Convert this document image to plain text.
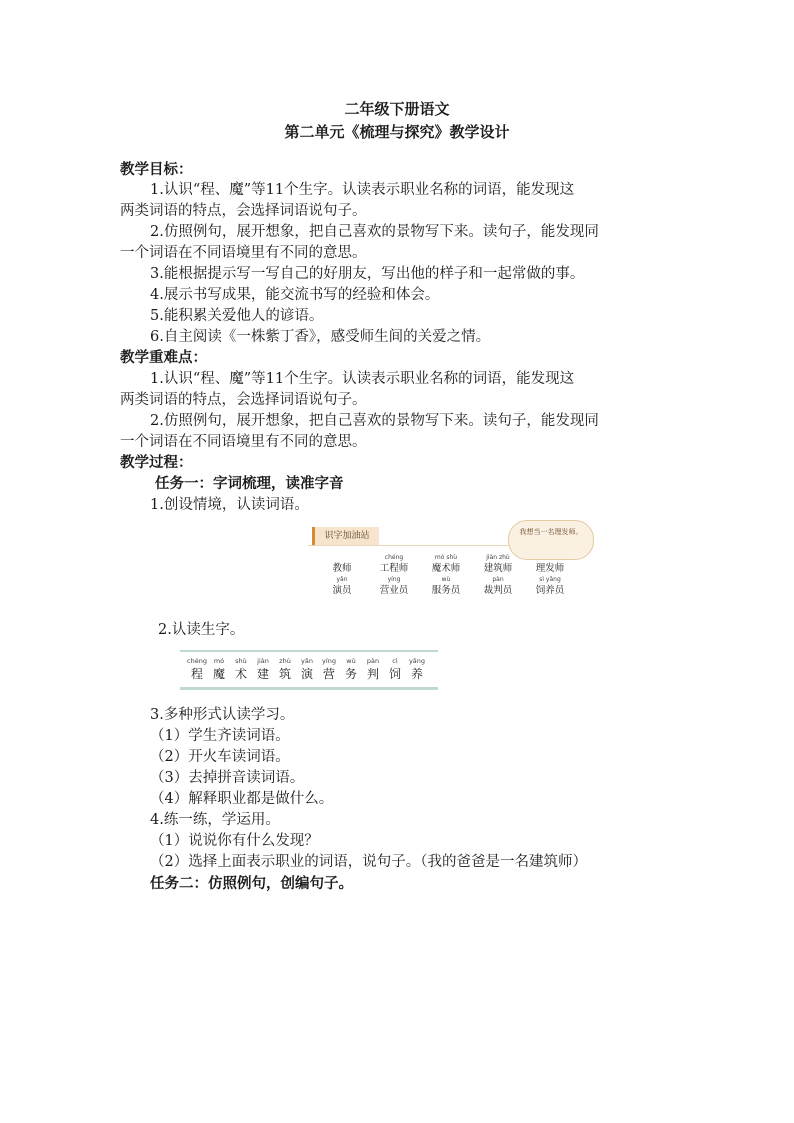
二年级下册语文
第二单元《梳理与探究》教学设计
教学目标：
1.认识“程、魔”等11个生字。认读表示职业名称的词语，能发现这
两类词语的特点，会选择词语说句子。
2.仿照例句，展开想象，把自己喜欢的景物写下来。读句子，能发现同
一个词语在不同语境里有不同的意思。
3.能根据提示写一写自己的好朋友，写出他的样子和一起常做的事。
4.展示书写成果，能交流书写的经验和体会。
5.能积累关爱他人的谚语。
6.自主阅读《一株紫丁香》，感受师生间的关爱之情。
教学重难点：
1.认识“程、魔”等11个生字。认读表示职业名称的词语，能发现这
两类词语的特点，会选择词语说句子。
2.仿照例句，展开想象，把自己喜欢的景物写下来。读句子，能发现同
一个词语在不同语境里有不同的意思。
教学过程：
任务一：字词梳理，读准字音
1.创设情境，认读词语。
识字加油站	我想当一名理发师。
教师
chéng
工程师
mó shù
魔术师
jiàn zhù
建筑师	理发师
yǎn
演员
yíng
营业员
wù
服务员
pàn
裁判员
sì yǎng
饲养员
2.认读生字。
chéng
程
mó
魔
shù
术
jiàn
建
zhù
筑
yǎn
演
yíng
营
wù
务
pàn
判
cì
饲
yǎng
养
3.多种形式认读学习。
（1）学生齐读词语。
（2）开火车读词语。
（3）去掉拼音读词语。
（4）解释职业都是做什么。
4.练一练，学运用。
（1）说说你有什么发现？
（2）选择上面表示职业的词语，说句子。（我的爸爸是一名建筑师）
任务二：仿照例句，创编句子。
